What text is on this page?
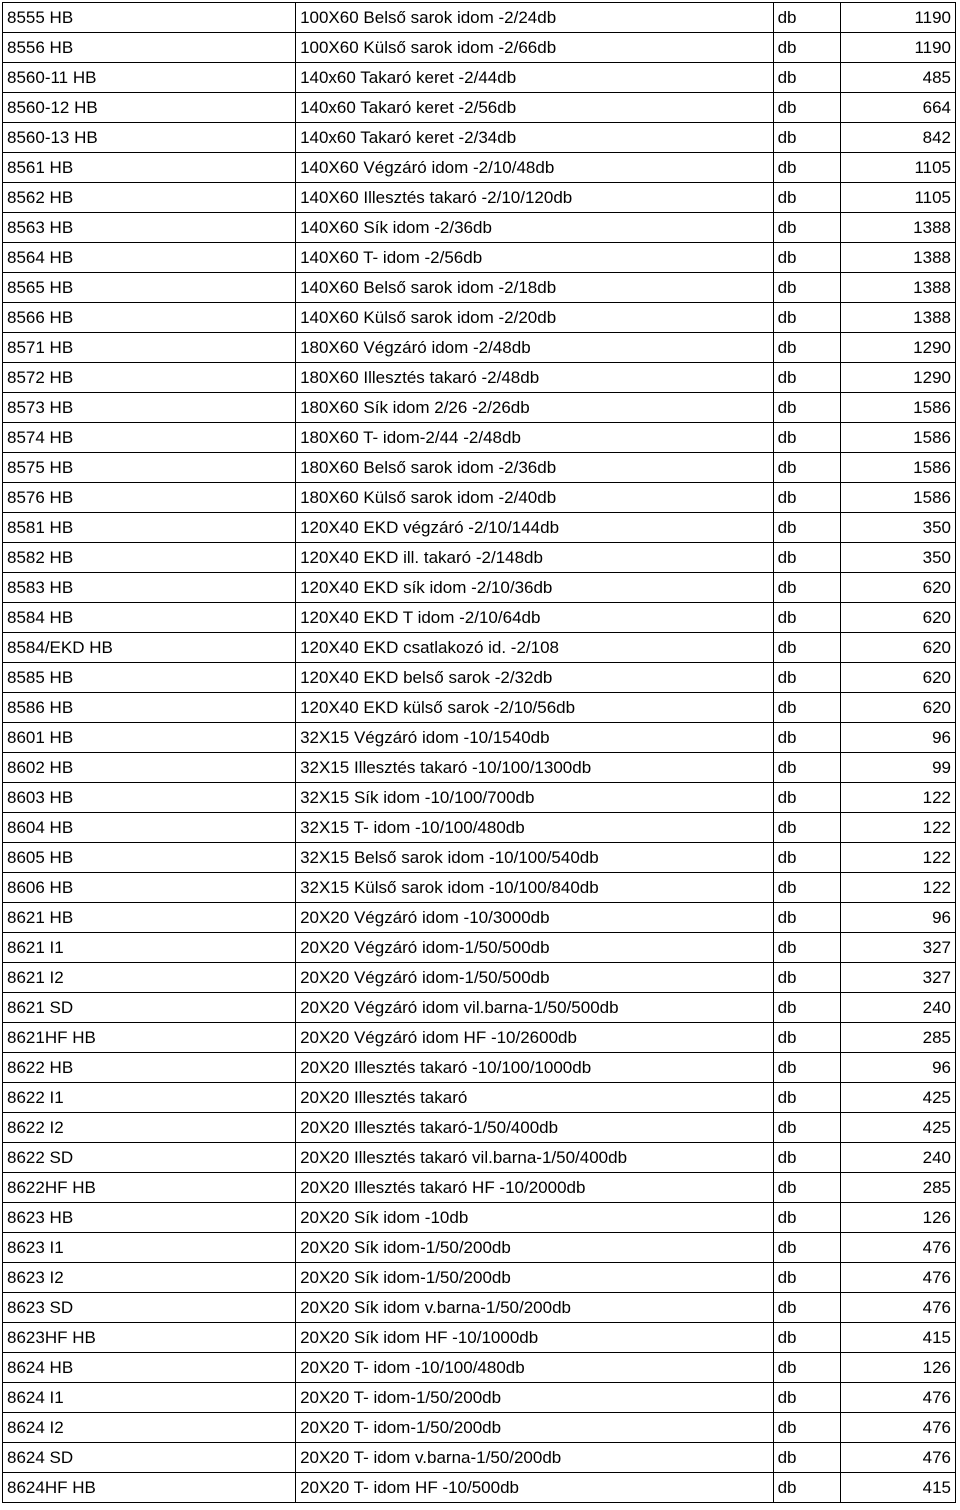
8555 HB	100X60 Belső sarok idom -2/24db	db	1190
8556 HB	100X60 Külső sarok idom -2/66db	db	1190
8560-11 HB	140x60 Takaró keret -2/44db	db	485
8560-12 HB	140x60 Takaró keret -2/56db	db	664
8560-13 HB	140x60 Takaró keret -2/34db	db	842
8561 HB	140X60 Végzáró idom -2/10/48db	db	1105
8562 HB	140X60 Illesztés takaró -2/10/120db	db	1105
8563 HB	140X60 Sík idom -2/36db	db	1388
8564 HB	140X60 T- idom -2/56db	db	1388
8565 HB	140X60 Belső sarok idom -2/18db	db	1388
8566 HB	140X60 Külső sarok idom -2/20db	db	1388
8571 HB	180X60 Végzáró idom -2/48db	db	1290
8572 HB	180X60 Illesztés takaró -2/48db	db	1290
8573 HB	180X60 Sík idom 2/26 -2/26db	db	1586
8574 HB	180X60 T- idom-2/44 -2/48db	db	1586
8575 HB	180X60 Belső sarok idom -2/36db	db	1586
8576 HB	180X60 Külső sarok idom -2/40db	db	1586
8581 HB	120X40 EKD végzáró -2/10/144db	db	350
8582 HB	120X40 EKD ill. takaró -2/148db	db	350
8583 HB	120X40 EKD sík idom -2/10/36db	db	620
8584 HB	120X40 EKD T idom -2/10/64db	db	620
8584/EKD HB	120X40 EKD csatlakozó id. -2/108	db	620
8585 HB	120X40 EKD belső sarok -2/32db	db	620
8586 HB	120X40 EKD külső sarok -2/10/56db	db	620
8601 HB	32X15 Végzáró idom -10/1540db	db	96
8602 HB	32X15 Illesztés takaró -10/100/1300db	db	99
8603 HB	32X15 Sík idom -10/100/700db	db	122
8604 HB	32X15 T- idom -10/100/480db	db	122
8605 HB	32X15 Belső sarok idom -10/100/540db	db	122
8606 HB	32X15 Külső sarok idom -10/100/840db	db	122
8621 HB	20X20 Végzáró idom -10/3000db	db	96
8621 I1	20X20 Végzáró idom-1/50/500db	db	327
8621 I2	20X20 Végzáró idom-1/50/500db	db	327
8621 SD	20X20 Végzáró idom vil.barna-1/50/500db	db	240
8621HF HB	20X20 Végzáró idom HF -10/2600db	db	285
8622 HB	20X20 Illesztés takaró -10/100/1000db	db	96
8622 I1	20X20 Illesztés takaró	db	425
8622 I2	20X20 Illesztés takaró-1/50/400db	db	425
8622 SD	20X20 Illesztés takaró vil.barna-1/50/400db	db	240
8622HF HB	20X20 Illesztés takaró HF -10/2000db	db	285
8623 HB	20X20 Sík idom -10db	db	126
8623 I1	20X20 Sík idom-1/50/200db	db	476
8623 I2	20X20 Sík idom-1/50/200db	db	476
8623 SD	20X20 Sík idom v.barna-1/50/200db	db	476
8623HF HB	20X20 Sík idom HF -10/1000db	db	415
8624 HB	20X20 T- idom -10/100/480db	db	126
8624 I1	20X20 T- idom-1/50/200db	db	476
8624 I2	20X20 T- idom-1/50/200db	db	476
8624 SD	20X20 T- idom v.barna-1/50/200db	db	476
8624HF HB	20X20 T- idom HF -10/500db	db	415
